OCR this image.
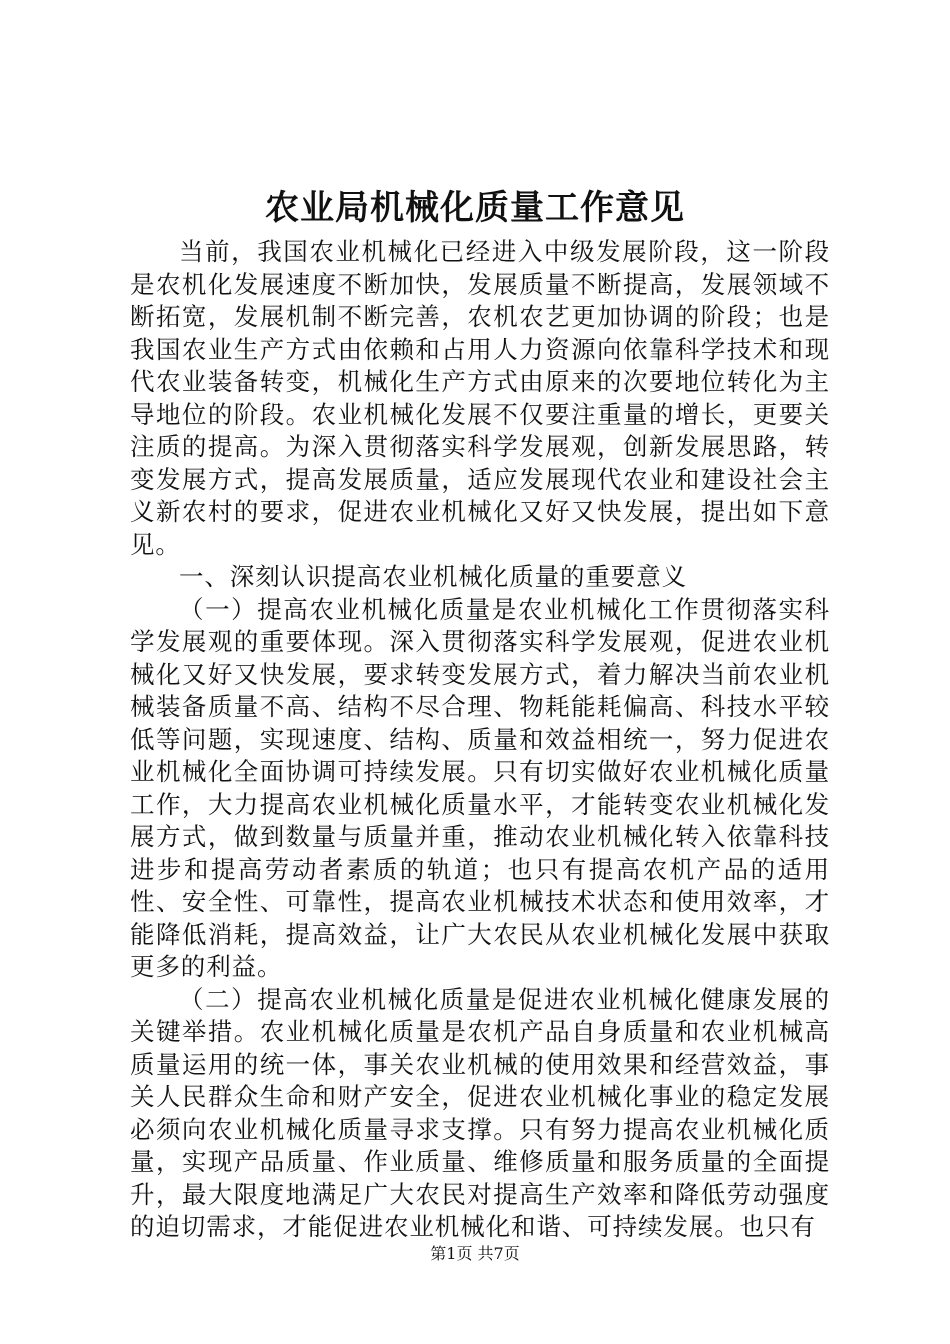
农业局机械化质量工作意见

当前，我国农业机械化已经进入中级发展阶段，这一阶段是农机化发展速度不断加快，发展质量不断提高，发展领域不断拓宽，发展机制不断完善，农机农艺更加协调的阶段；也是我国农业生产方式由依赖和占用人力资源向依靠科学技术和现代农业装备转变，机械化生产方式由原来的次要地位转化为主导地位的阶段。农业机械化发展不仅要注重量的增长，更要关注质的提高。为深入贯彻落实科学发展观，创新发展思路，转变发展方式，提高发展质量，适应发展现代农业和建设社会主义新农村的要求，促进农业机械化又好又快发展，提出如下意见。

一、深刻认识提高农业机械化质量的重要意义

（一）提高农业机械化质量是农业机械化工作贯彻落实科学发展观的重要体现。深入贯彻落实科学发展观，促进农业机械化又好又快发展，要求转变发展方式，着力解决当前农业机械装备质量不高、结构不尽合理、物耗能耗偏高、科技水平较低等问题，实现速度、结构、质量和效益相统一，努力促进农业机械化全面协调可持续发展。只有切实做好农业机械化质量工作，大力提高农业机械化质量水平，才能转变农业机械化发展方式，做到数量与质量并重，推动农业机械化转入依靠科技进步和提高劳动者素质的轨道；也只有提高农机产品的适用性、安全性、可靠性，提高农业机械技术状态和使用效率，才能降低消耗，提高效益，让广大农民从农业机械化发展中获取更多的利益。

（二）提高农业机械化质量是促进农业机械化健康发展的关键举措。农业机械化质量是农机产品自身质量和农业机械高质量运用的统一体，事关农业机械的使用效果和经营效益，事关人民群众生命和财产安全，促进农业机械化事业的稳定发展必须向农业机械化质量寻求支撑。只有努力提高农业机械化质量，实现产品质量、作业质量、维修质量和服务质量的全面提升，最大限度地满足广大农民对提高生产效率和降低劳动强度的迫切需求，才能促进农业机械化和谐、可持续发展。也只有

第1页 共7页
